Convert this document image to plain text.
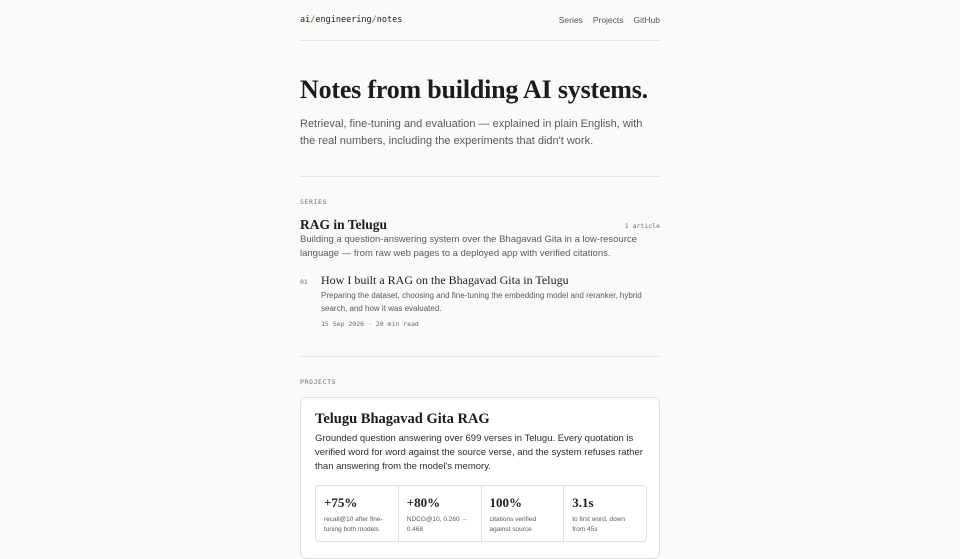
ai/engineering/notes	Series Projects GitHub
Notes from building AI systems.

Retrieval, fine-tuning and evaluation — explained in plain English, with the real numbers, including the experiments that didn't work.

SERIES
RAG in Telugu	1 article
Building a question-answering system over the Bhagavad Gita in a low-resource language — from raw web pages to a deployed app with verified citations.
01 How I built a RAG on the Bhagavad Gita in Telugu
Preparing the dataset, choosing and fine-tuning the embedding model and reranker, hybrid search, and how it was evaluated.
15 Sep 2026 · 20 min read
PROJECTS
Telugu Bhagavad Gita RAG
Grounded question answering over 699 verses in Telugu. Every quotation is verified word for word against the source verse, and the system refuses rather than answering from the model's memory.
+75%
recall@10 after fine-tuning both models
+80%
NDCG@10, 0.260 → 0.468
100%
citations verified against source
3.1s
to first word, down from 45s
